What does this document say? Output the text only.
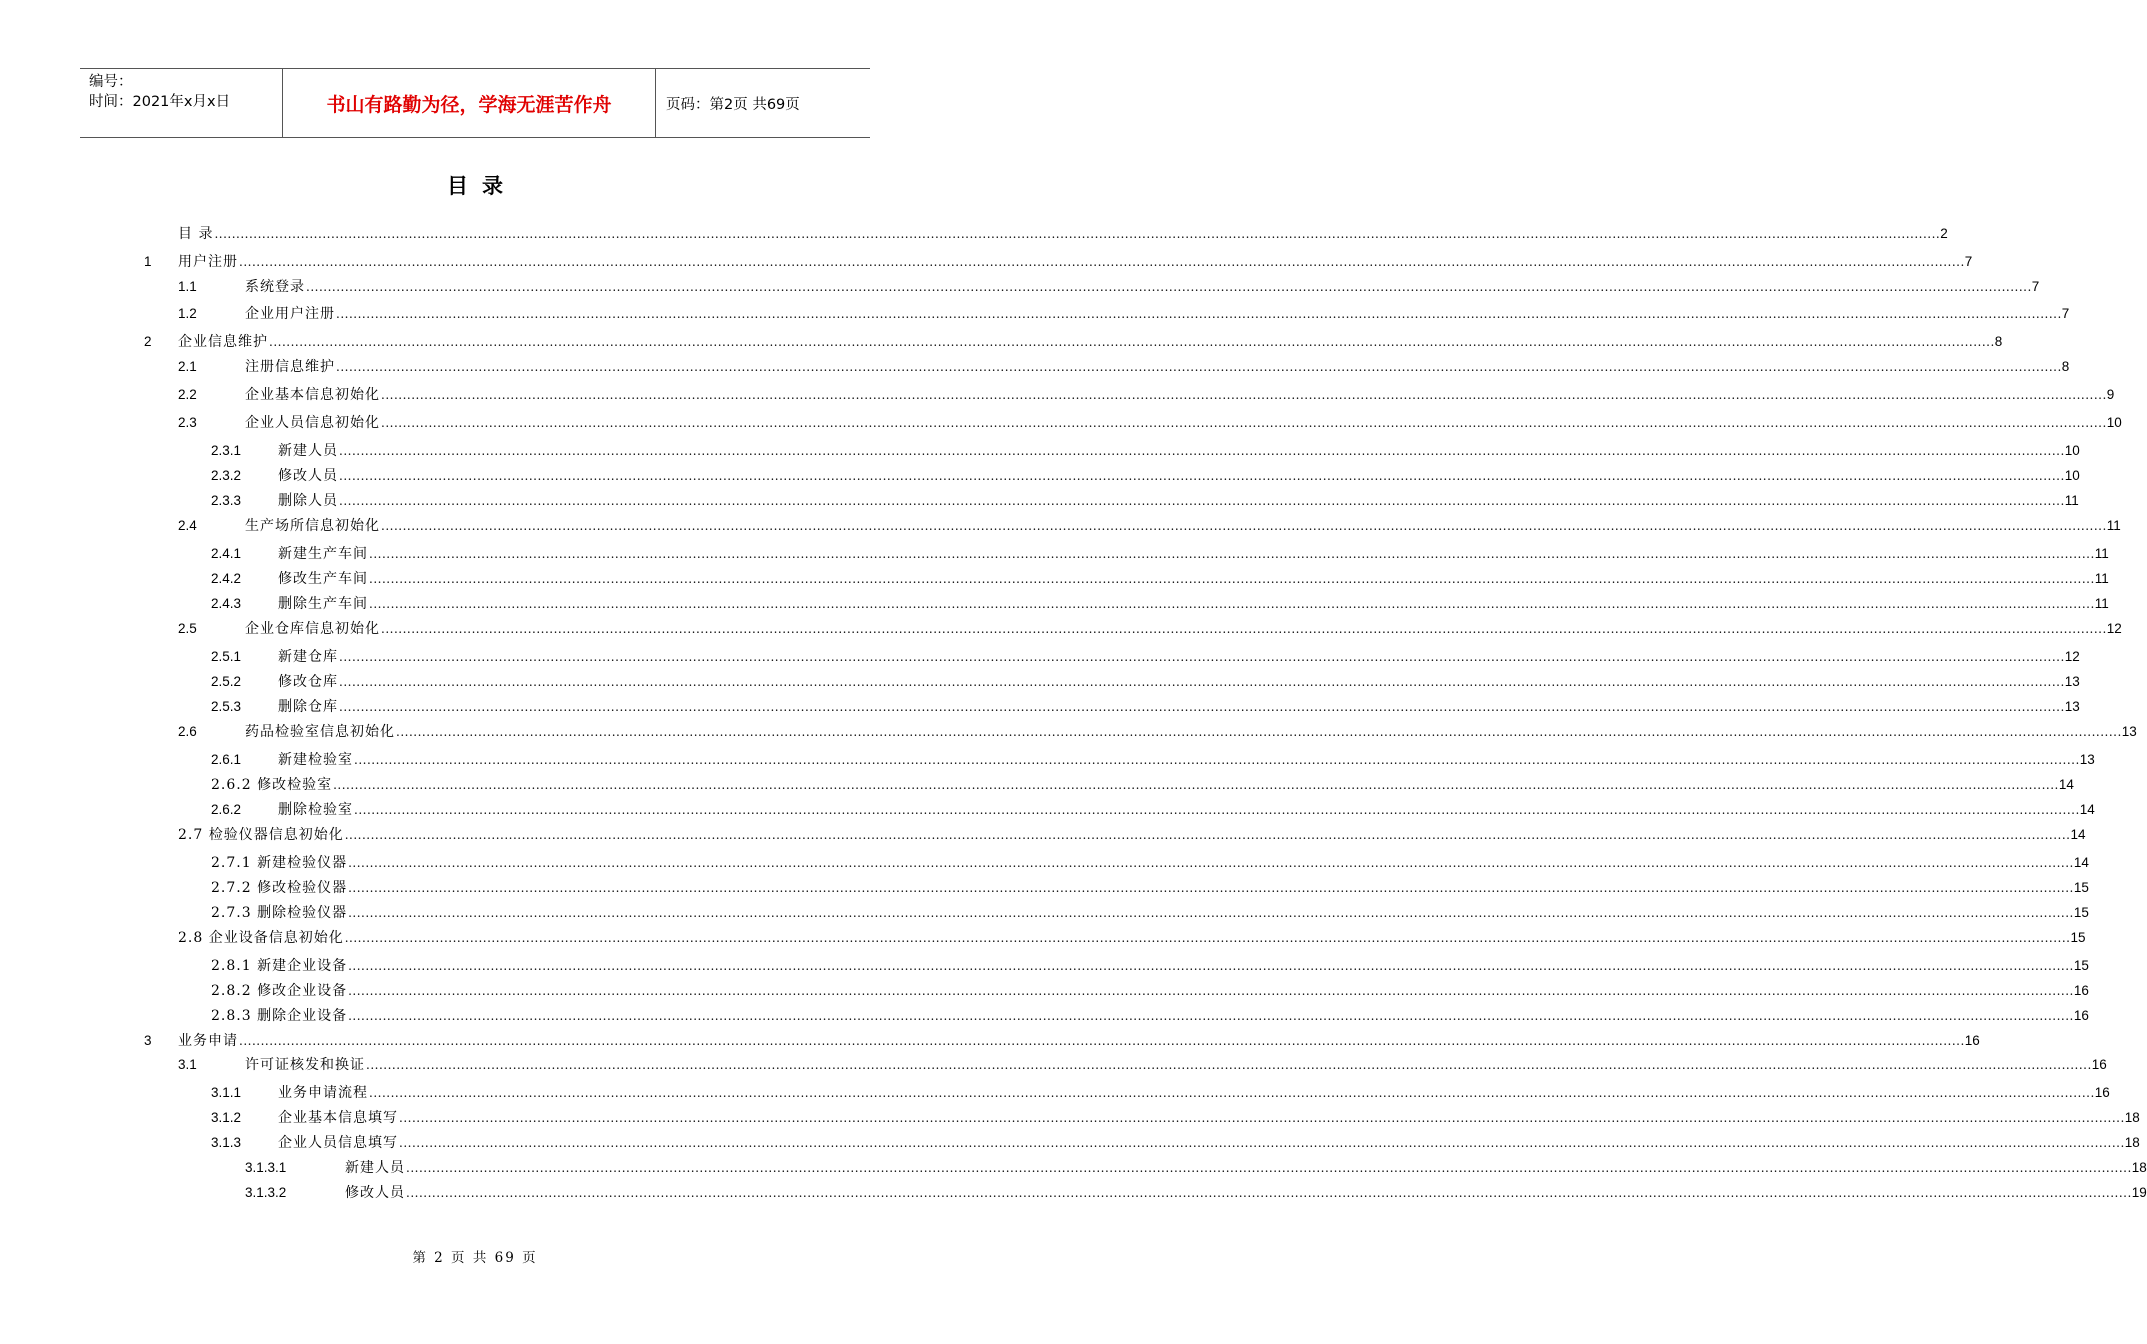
编号：
时间：2021年x月x日	书山有路勤为径，学海无涯苦作舟	页码：第2页 共69页
目录
目 录 ................................................................................................................................................................................................................................................................................................................................................................................................................ 2
1 用户注册 ................................................................................................................................................................................................................................................................................................................................................................................................................ 7
1.1	系统登录 ................................................................................................................................................................................................................................................................................................................................................................................................................ 7
1.2	企业用户注册 ................................................................................................................................................................................................................................................................................................................................................................................................................ 7
2 企业信息维护 ................................................................................................................................................................................................................................................................................................................................................................................................................ 8
2.1	注册信息维护 ................................................................................................................................................................................................................................................................................................................................................................................................................ 8
2.2	企业基本信息初始化 ................................................................................................................................................................................................................................................................................................................................................................................................................ 9
2.3	企业人员信息初始化 ................................................................................................................................................................................................................................................................................................................................................................................................................ 10
2.3.1	新建人员 ................................................................................................................................................................................................................................................................................................................................................................................................................ 10
2.3.2	修改人员 ................................................................................................................................................................................................................................................................................................................................................................................................................ 10
2.3.3	删除人员 ................................................................................................................................................................................................................................................................................................................................................................................................................ 11
2.4	生产场所信息初始化 ................................................................................................................................................................................................................................................................................................................................................................................................................ 11
2.4.1	新建生产车间 ................................................................................................................................................................................................................................................................................................................................................................................................................ 11
2.4.2	修改生产车间 ................................................................................................................................................................................................................................................................................................................................................................................................................ 11
2.4.3	删除生产车间 ................................................................................................................................................................................................................................................................................................................................................................................................................ 11
2.5	企业仓库信息初始化 ................................................................................................................................................................................................................................................................................................................................................................................................................ 12
2.5.1	新建仓库 ................................................................................................................................................................................................................................................................................................................................................................................................................ 12
2.5.2	修改仓库 ................................................................................................................................................................................................................................................................................................................................................................................................................ 13
2.5.3	删除仓库 ................................................................................................................................................................................................................................................................................................................................................................................................................ 13
2.6	药品检验室信息初始化 ................................................................................................................................................................................................................................................................................................................................................................................................................ 13
2.6.1	新建检验室 ................................................................................................................................................................................................................................................................................................................................................................................................................ 13
2.6.2 修改检验室 ................................................................................................................................................................................................................................................................................................................................................................................................................ 14
2.6.2	删除检验室 ................................................................................................................................................................................................................................................................................................................................................................................................................ 14
2.7 检验仪器信息初始化 ................................................................................................................................................................................................................................................................................................................................................................................................................ 14
2.7.1 新建检验仪器 ................................................................................................................................................................................................................................................................................................................................................................................................................ 14
2.7.2 修改检验仪器 ................................................................................................................................................................................................................................................................................................................................................................................................................ 15
2.7.3 删除检验仪器 ................................................................................................................................................................................................................................................................................................................................................................................................................ 15
2.8 企业设备信息初始化 ................................................................................................................................................................................................................................................................................................................................................................................................................ 15
2.8.1 新建企业设备 ................................................................................................................................................................................................................................................................................................................................................................................................................ 15
2.8.2 修改企业设备 ................................................................................................................................................................................................................................................................................................................................................................................................................ 16
2.8.3 删除企业设备 ................................................................................................................................................................................................................................................................................................................................................................................................................ 16
3 业务申请 ................................................................................................................................................................................................................................................................................................................................................................................................................ 16
3.1	许可证核发和换证 ................................................................................................................................................................................................................................................................................................................................................................................................................ 16
3.1.1	业务申请流程 ................................................................................................................................................................................................................................................................................................................................................................................................................ 16
3.1.2	企业基本信息填写 ................................................................................................................................................................................................................................................................................................................................................................................................................ 18
3.1.3	企业人员信息填写 ................................................................................................................................................................................................................................................................................................................................................................................................................ 18
3.1.3.1	新建人员 ................................................................................................................................................................................................................................................................................................................................................................................................................ 18
3.1.3.2	修改人员 ................................................................................................................................................................................................................................................................................................................................................................................................................ 19
第 2 页 共 69 页
